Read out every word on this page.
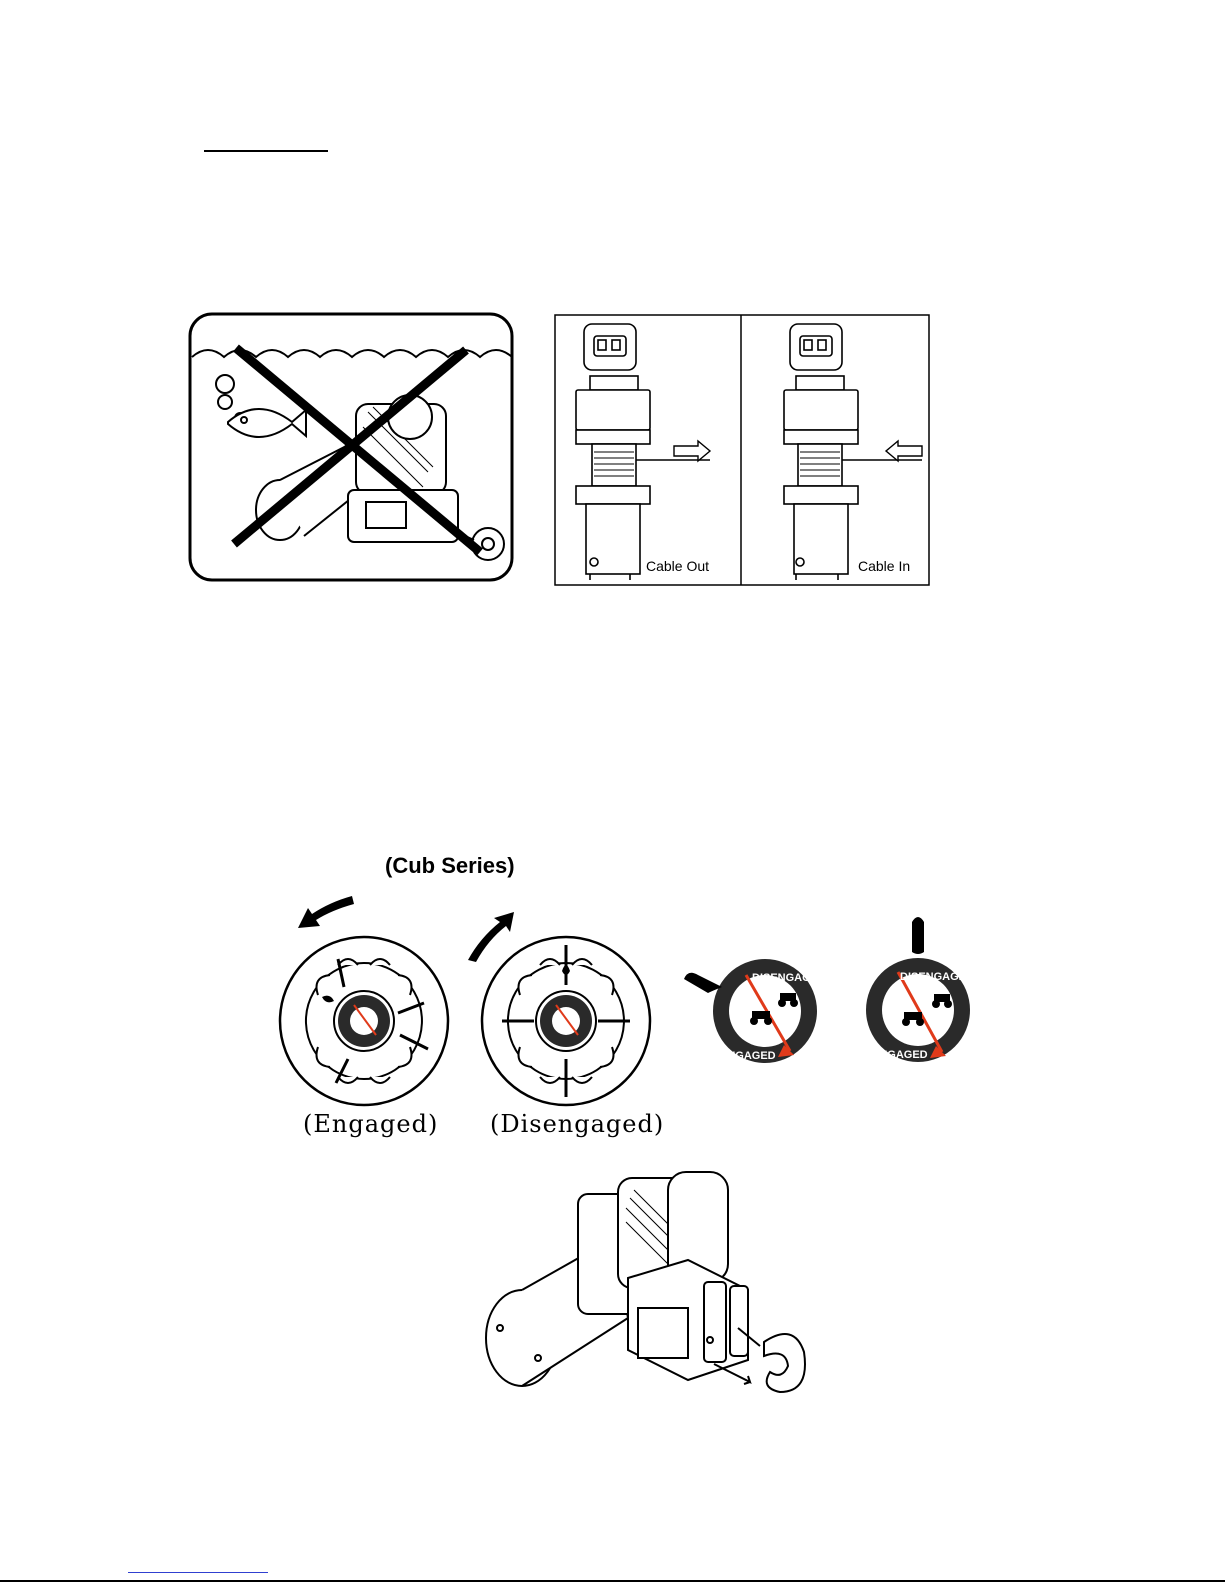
Cable Out	Cable In
(Cub Series)
DISENGAGED
ENGAGED
DISENGAGED
ENGAGED
(Engaged) (Disengaged)
